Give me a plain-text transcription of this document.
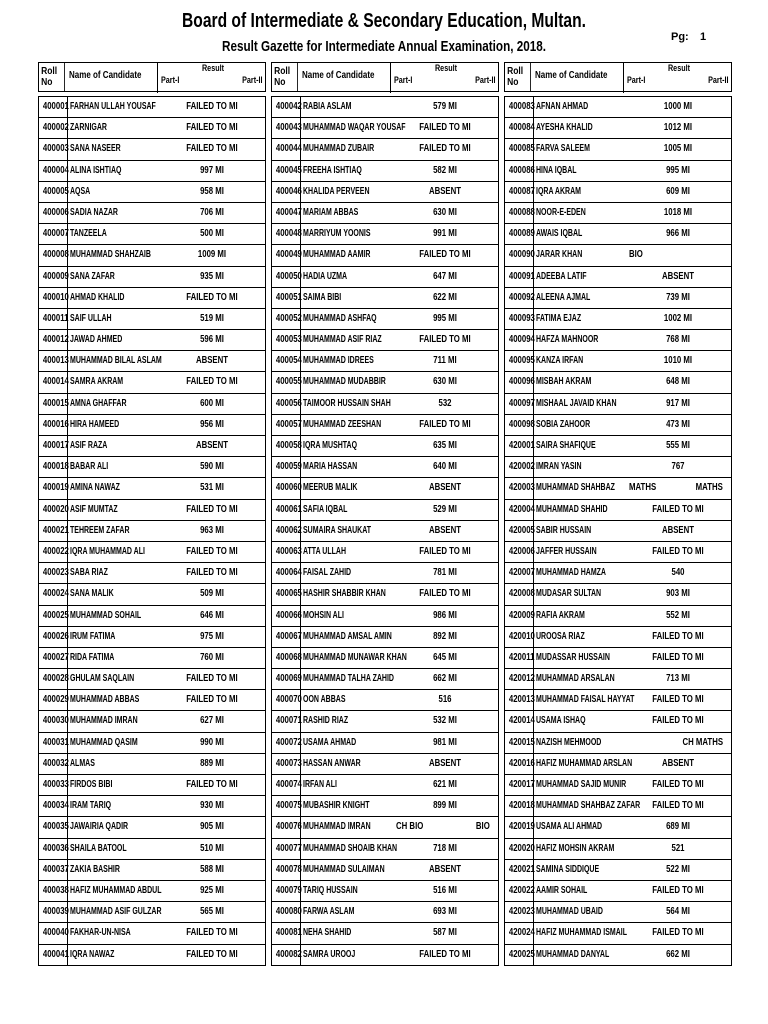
Board of Intermediate & Secondary Education, Multan.
Result Gazette for Intermediate Annual Examination, 2018.
Pg: 1
Roll No
Name of Candidate
Result
Part-I	Part-II
400001 FARHAN ULLAH YOUSAF	FAILED TO MI
400002 ZARNIGAR	FAILED TO MI
400003 SANA NASEER	FAILED TO MI
400004 ALINA ISHTIAQ	997 MI
400005 AQSA	958 MI
400006 SADIA NAZAR	706 MI
400007 TANZEELA	500 MI
400008 MUHAMMAD SHAHZAIB	1009 MI
400009 SANA ZAFAR	935 MI
400010 AHMAD KHALID	FAILED TO MI
400011 SAIF ULLAH	519 MI
400012 JAWAD AHMED	596 MI
400013 MUHAMMAD BILAL ASLAM	ABSENT
400014 SAMRA AKRAM	FAILED TO MI
400015 AMNA GHAFFAR	600 MI
400016 HIRA HAMEED	956 MI
400017 ASIF RAZA	ABSENT
400018 BABAR ALI	590 MI
400019 AMINA NAWAZ	531 MI
400020 ASIF MUMTAZ	FAILED TO MI
400021 TEHREEM ZAFAR	963 MI
400022 IQRA MUHAMMAD ALI	FAILED TO MI
400023 SABA RIAZ	FAILED TO MI
400024 SANA MALIK	509 MI
400025 MUHAMMAD SOHAIL	646 MI
400026 IRUM FATIMA	975 MI
400027 RIDA FATIMA	760 MI
400028 GHULAM SAQLAIN	FAILED TO MI
400029 MUHAMMAD ABBAS	FAILED TO MI
400030 MUHAMMAD IMRAN	627 MI
400031 MUHAMMAD QASIM	990 MI
400032 ALMAS	889 MI
400033 FIRDOS BIBI	FAILED TO MI
400034 IRAM TARIQ	930 MI
400035 JAWAIRIA QADIR	905 MI
400036 SHAILA BATOOL	510 MI
400037 ZAKIA BASHIR	588 MI
400038 HAFIZ MUHAMMAD ABDUL	925 MI
400039 MUHAMMAD ASIF GULZAR	565 MI
400040 FAKHAR-UN-NISA	FAILED TO MI
400041 IQRA NAWAZ	FAILED TO MI
Roll No
Name of Candidate
Result
Part-I	Part-II
400042 RABIA ASLAM	579 MI
400043 MUHAMMAD WAQAR YOUSAF	FAILED TO MI
400044 MUHAMMAD ZUBAIR	FAILED TO MI
400045 FREEHA ISHTIAQ	582 MI
400046 KHALIDA PERVEEN	ABSENT
400047 MARIAM ABBAS	630 MI
400048 MARRIYUM YOONIS	991 MI
400049 MUHAMMAD AAMIR	FAILED TO MI
400050 HADIA UZMA	647 MI
400051 SAIMA BIBI	622 MI
400052 MUHAMMAD ASHFAQ	995 MI
400053 MUHAMMAD ASIF RIAZ	FAILED TO MI
400054 MUHAMMAD IDREES	711 MI
400055 MUHAMMAD MUDABBIR	630 MI
400056 TAIMOOR HUSSAIN SHAH	532
400057 MUHAMMAD ZEESHAN	FAILED TO MI
400058 IQRA MUSHTAQ	635 MI
400059 MARIA HASSAN	640 MI
400060 MEERUB MALIK	ABSENT
400061 SAFIA IQBAL	529 MI
400062 SUMAIRA SHAUKAT	ABSENT
400063 ATTA ULLAH	FAILED TO MI
400064 FAISAL ZAHID	781 MI
400065 HASHIR SHABBIR KHAN	FAILED TO MI
400066 MOHSIN ALI	986 MI
400067 MUHAMMAD AMSAL AMIN	892 MI
400068 MUHAMMAD MUNAWAR KHAN	645 MI
400069 MUHAMMAD TALHA ZAHID	662 MI
400070 OON ABBAS	516
400071 RASHID RIAZ	532 MI
400072 USAMA AHMAD	981 MI
400073 HASSAN ANWAR	ABSENT
400074 IRFAN ALI	621 MI
400075 MUBASHIR KNIGHT	899 MI
400076 MUHAMMAD IMRAN	CH BIO	BIO
400077 MUHAMMAD SHOAIB KHAN	718 MI
400078 MUHAMMAD SULAIMAN	ABSENT
400079 TARIQ HUSSAIN	516 MI
400080 FARWA ASLAM	693 MI
400081 NEHA SHAHID	587 MI
400082 SAMRA UROOJ	FAILED TO MI
Roll No
Name of Candidate
Result
Part-I	Part-II
400083 AFNAN AHMAD	1000 MI
400084 AYESHA KHALID	1012 MI
400085 FARVA SALEEM	1005 MI
400086 HINA IQBAL	995 MI
400087 IQRA AKRAM	609 MI
400088 NOOR-E-EDEN	1018 MI
400089 AWAIS IQBAL	966 MI
400090 JARAR KHAN	BIO
400091 ADEEBA LATIF	ABSENT
400092 ALEENA AJMAL	739 MI
400093 FATIMA EJAZ	1002 MI
400094 HAFZA MAHNOOR	768 MI
400095 KANZA IRFAN	1010 MI
400096 MISBAH AKRAM	648 MI
400097 MISHAAL JAVAID KHAN	917 MI
400098 SOBIA ZAHOOR	473 MI
420001 SAIRA SHAFIQUE	555 MI
420002 IMRAN YASIN	767
420003 MUHAMMAD SHAHBAZ MATHS	MATHS
420004 MUHAMMAD SHAHID	FAILED TO MI
420005 SABIR HUSSAIN	ABSENT
420006 JAFFER HUSSAIN	FAILED TO MI
420007 MUHAMMAD HAMZA	540
420008 MUDASAR SULTAN	903 MI
420009 RAFIA AKRAM	552 MI
420010 UROOSA RIAZ	FAILED TO MI
420011 MUDASSAR HUSSAIN	FAILED TO MI
420012 MUHAMMAD ARSALAN	713 MI
420013 MUHAMMAD FAISAL HAYYAT	FAILED TO MI
420014 USAMA ISHAQ	FAILED TO MI
420015 NAZISH MEHMOOD	CH MATHS
420016 HAFIZ MUHAMMAD ARSLAN	ABSENT
420017 MUHAMMAD SAJID MUNIR	FAILED TO MI
420018 MUHAMMAD SHAHBAZ ZAFAR	FAILED TO MI
420019 USAMA ALI AHMAD	689 MI
420020 HAFIZ MOHSIN AKRAM	521
420021 SAMINA SIDDIQUE	522 MI
420022 AAMIR SOHAIL	FAILED TO MI
420023 MUHAMMAD UBAID	564 MI
420024 HAFIZ MUHAMMAD ISMAIL	FAILED TO MI
420025 MUHAMMAD DANYAL	662 MI
